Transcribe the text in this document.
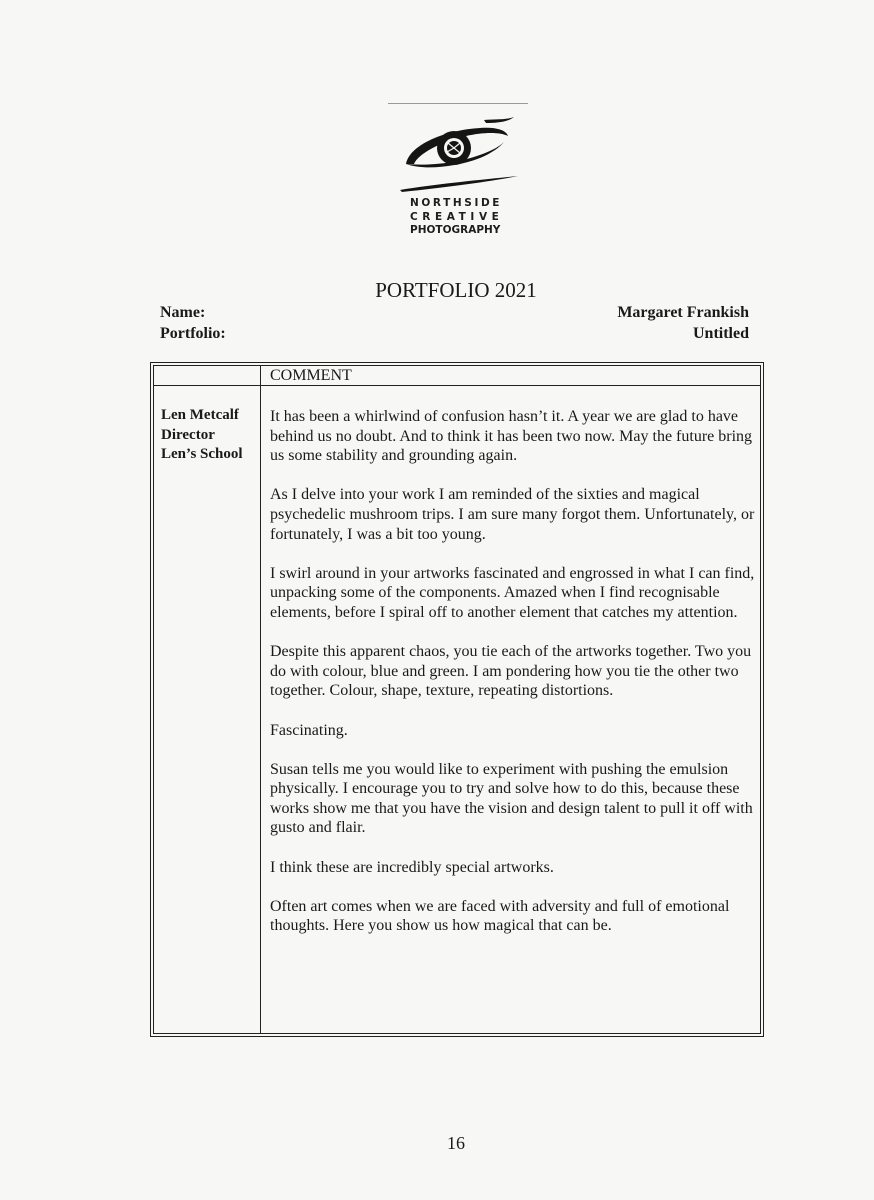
NORTHSIDE
CREATIVE
PHOTOGRAPHY
PORTFOLIO 2021
Name:
Portfolio:
Margaret Frankish
Untitled
COMMENT
Len Metcalf
Director
Len’s School

It has been a whirlwind of confusion hasn’t it. A year we are glad to have behind us no doubt. And to think it has been two now. May the future bring us some stability and grounding again.

As I delve into your work I am reminded of the sixties and magical psychedelic mushroom trips. I am sure many forgot them. Unfortunately, or fortunately, I was a bit too young.

I swirl around in your artworks fascinated and engrossed in what I can find, unpacking some of the components. Amazed when I find recognisable elements, before I spiral off to another element that catches my attention.

Despite this apparent chaos, you tie each of the artworks together. Two you do with colour, blue and green. I am pondering how you tie the other two together. Colour, shape, texture, repeating distortions.

Fascinating.

Susan tells me you would like to experiment with pushing the emulsion physically. I encourage you to try and solve how to do this, because these works show me that you have the vision and design talent to pull it off with gusto and flair.

I think these are incredibly special artworks.

Often art comes when we are faced with adversity and full of emotional thoughts. Here you show us how magical that can be.

16
